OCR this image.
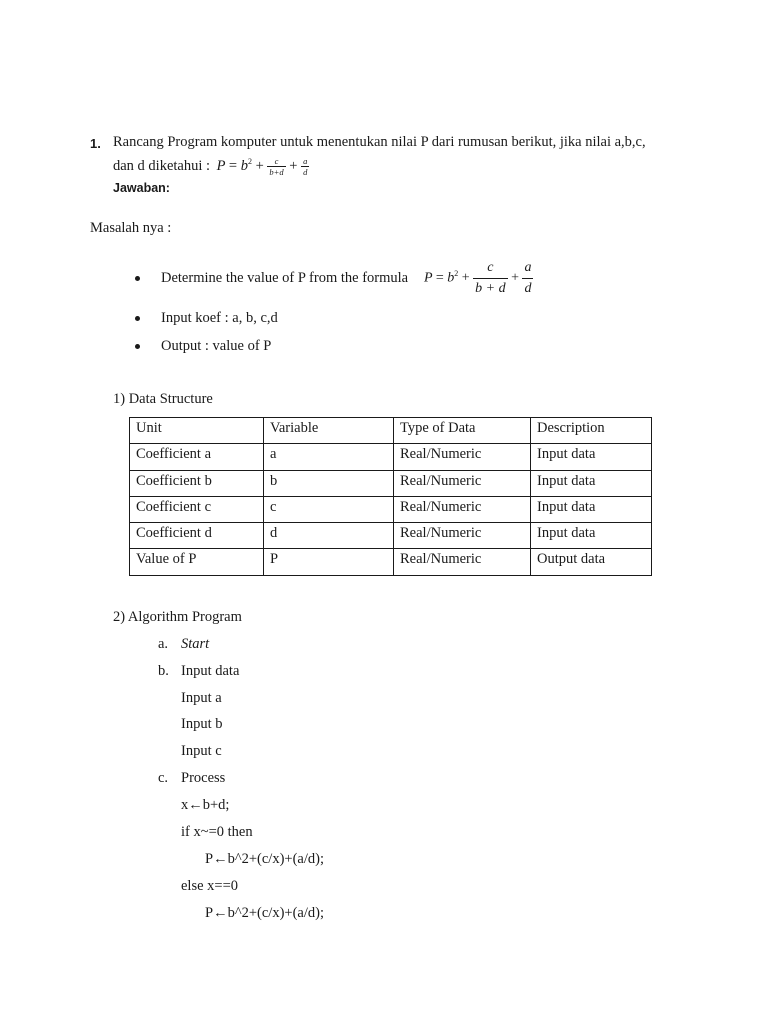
1. Rancang Program komputer untuk menentukan nilai P dari rumusan berikut, jika nilai a,b,c,
dan d diketahui : $P = b^2 + \frac{c}{b+d} + \frac{a}{d}$
Jawaban:
Masalah nya :
Determine the value of P from the formula $P = b^2 + \frac{c}{b + d} + \frac{a}{d}$
Input koef : a, b, c,d
Output : value of P
1) Data Structure
Unit	Variable	Type of Data	Description
Coefficient a	a	Real/Numeric	Input data
Coefficient b	b	Real/Numeric	Input data
Coefficient c	c	Real/Numeric	Input data
Coefficient d	d	Real/Numeric	Input data
Value of P	P	Real/Numeric	Output data
2) Algorithm Program
a. Start
b. Input data
Input a
Input b
Input c
c. Process
x←b+d;
if x~=0 then
P←b^2+(c/x)+(a/d);
else x==0
P←b^2+(c/x)+(a/d);
